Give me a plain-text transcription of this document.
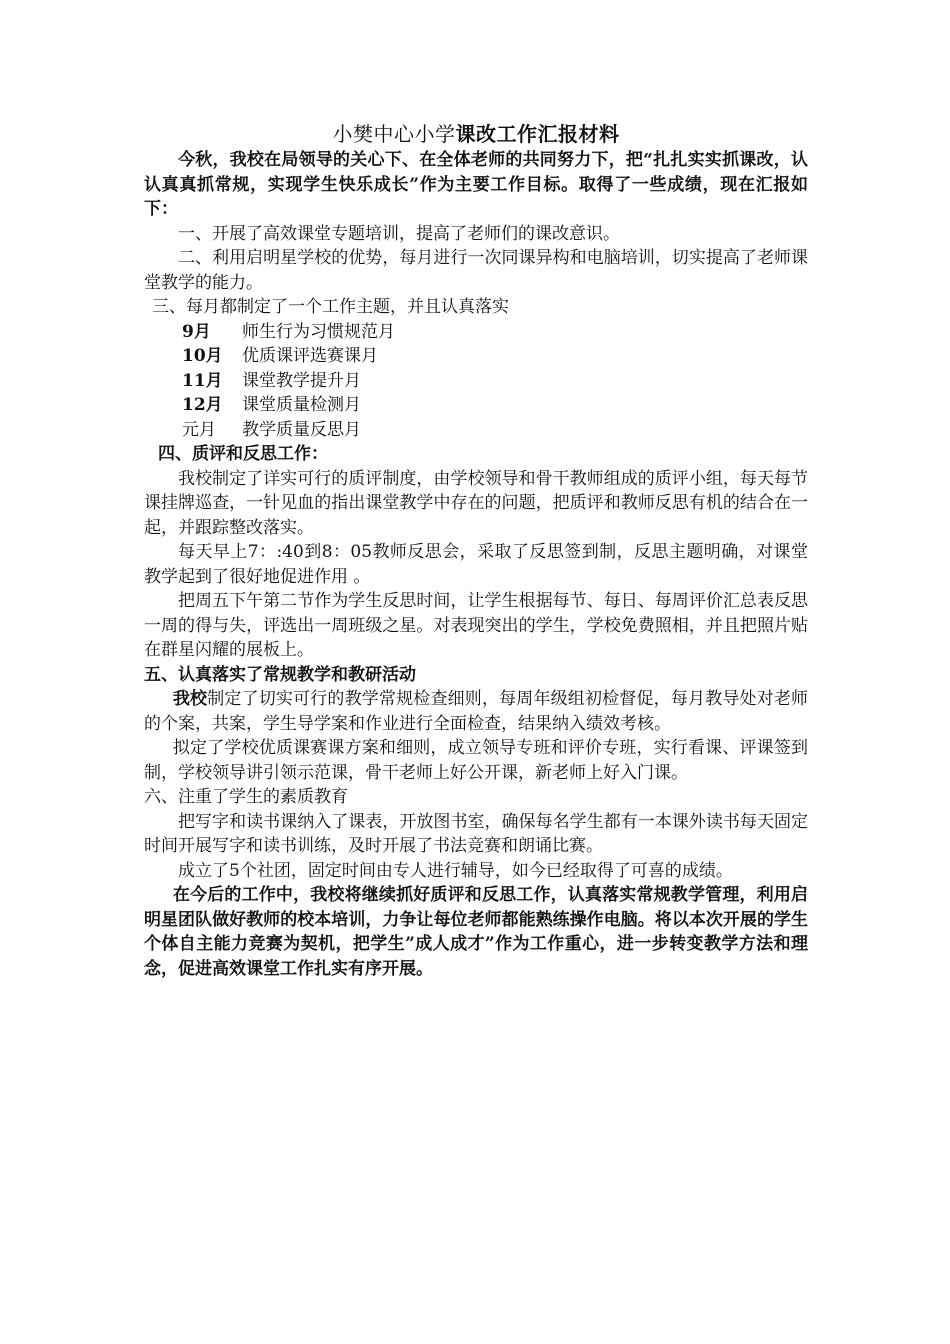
小樊中心小学课改工作汇报材料

今秋，我校在局领导的关心下、在全体老师的共同努力下，把“扎扎实实抓课改，认认真真抓常规，实现学生快乐成长”作为主要工作目标。取得了一些成绩，现在汇报如下：

一、开展了高效课堂专题培训，提高了老师们的课改意识。

二、利用启明星学校的优势，每月进行一次同课异构和电脑培训，切实提高了老师课堂教学的能力。

三、每月都制定了一个工作主题，并且认真落实

9月	师生行为习惯规范月
10月	优质课评选赛课月
11月	课堂教学提升月
12月	课堂质量检测月
元月	教学质量反思月

四、质评和反思工作：

我校制定了详实可行的质评制度，由学校领导和骨干教师组成的质评小组，每天每节课挂牌巡查，一针见血的指出课堂教学中存在的问题，把质评和教师反思有机的结合在一起，并跟踪整改落实。

每天早上7：:40到8：05教师反思会，采取了反思签到制，反思主题明确，对课堂教学起到了很好地促进作用 。

把周五下午第二节作为学生反思时间，让学生根据每节、每日、每周评价汇总表反思一周的得与失，评选出一周班级之星。对表现突出的学生，学校免费照相，并且把照片贴在群星闪耀的展板上。

五、认真落实了常规教学和教研活动

我校制定了切实可行的教学常规检查细则，每周年级组初检督促，每月教导处对老师的个案，共案，学生导学案和作业进行全面检查，结果纳入绩效考核。

拟定了学校优质课赛课方案和细则，成立领导专班和评价专班，实行看课、评课签到制，学校领导讲引领示范课，骨干老师上好公开课，新老师上好入门课。

六、注重了学生的素质教育

把写字和读书课纳入了课表，开放图书室，确保每名学生都有一本课外读书每天固定时间开展写字和读书训练，及时开展了书法竞赛和朗诵比赛。

成立了5个社团，固定时间由专人进行辅导，如今已经取得了可喜的成绩。

在今后的工作中，我校将继续抓好质评和反思工作，认真落实常规教学管理，利用启明星团队做好教师的校本培训，力争让每位老师都能熟练操作电脑。将以本次开展的学生个体自主能力竞赛为契机，把学生”成人成才”作为工作重心，进一步转变教学方法和理念，促进高效课堂工作扎实有序开展。
